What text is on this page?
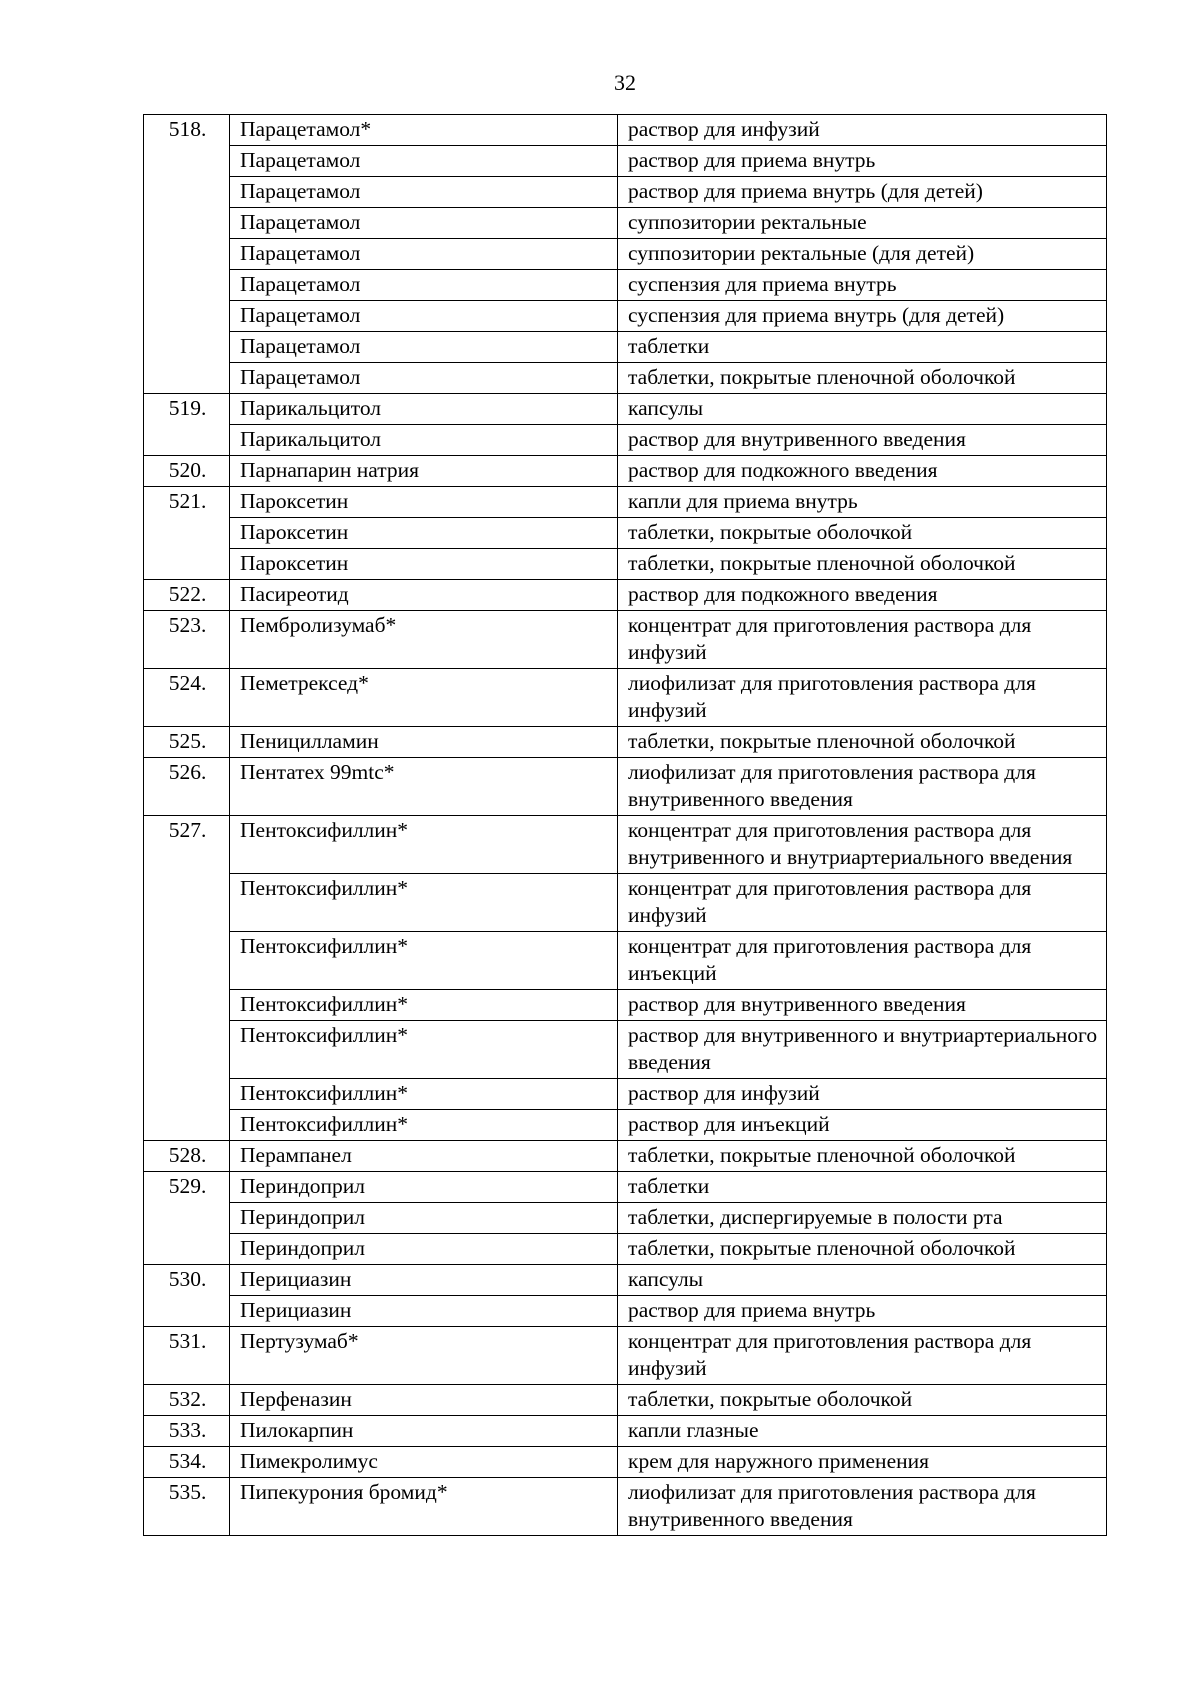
32
518.	Парацетамол*	раствор для инфузий
	Парацетамол	раствор для приема внутрь
	Парацетамол	раствор для приема внутрь (для детей)
	Парацетамол	суппозитории ректальные
	Парацетамол	суппозитории ректальные (для детей)
	Парацетамол	суспензия для приема внутрь
	Парацетамол	суспензия для приема внутрь (для детей)
	Парацетамол	таблетки
	Парацетамол	таблетки, покрытые пленочной оболочкой
519.	Парикальцитол	капсулы
	Парикальцитол	раствор для внутривенного введения
520.	Парнапарин натрия	раствор для подкожного введения
521.	Пароксетин	капли для приема внутрь
	Пароксетин	таблетки, покрытые оболочкой
	Пароксетин	таблетки, покрытые пленочной оболочкой
522.	Пасиреотид	раствор для подкожного введения
523.	Пембролизумаб*	концентрат для приготовления раствора для инфузий
524.	Пеметрексед*	лиофилизат для приготовления раствора для инфузий
525.	Пеницилламин	таблетки, покрытые пленочной оболочкой
526.	Пентатех 99mtc*	лиофилизат для приготовления раствора для внутривенного введения
527.	Пентоксифиллин*	концентрат для приготовления раствора для внутривенного и внутриартериального введения
	Пентоксифиллин*	концентрат для приготовления раствора для инфузий
	Пентоксифиллин*	концентрат для приготовления раствора для инъекций
	Пентоксифиллин*	раствор для внутривенного введения
	Пентоксифиллин*	раствор для внутривенного и внутриартериального введения
	Пентоксифиллин*	раствор для инфузий
	Пентоксифиллин*	раствор для инъекций
528.	Перампанел	таблетки, покрытые пленочной оболочкой
529.	Периндоприл	таблетки
	Периндоприл	таблетки, диспергируемые в полости рта
	Периндоприл	таблетки, покрытые пленочной оболочкой
530.	Перициазин	капсулы
	Перициазин	раствор для приема внутрь
531.	Пертузумаб*	концентрат для приготовления раствора для инфузий
532.	Перфеназин	таблетки, покрытые оболочкой
533.	Пилокарпин	капли глазные
534.	Пимекролимус	крем для наружного применения
535.	Пипекурония бромид*	лиофилизат для приготовления раствора для внутривенного введения
